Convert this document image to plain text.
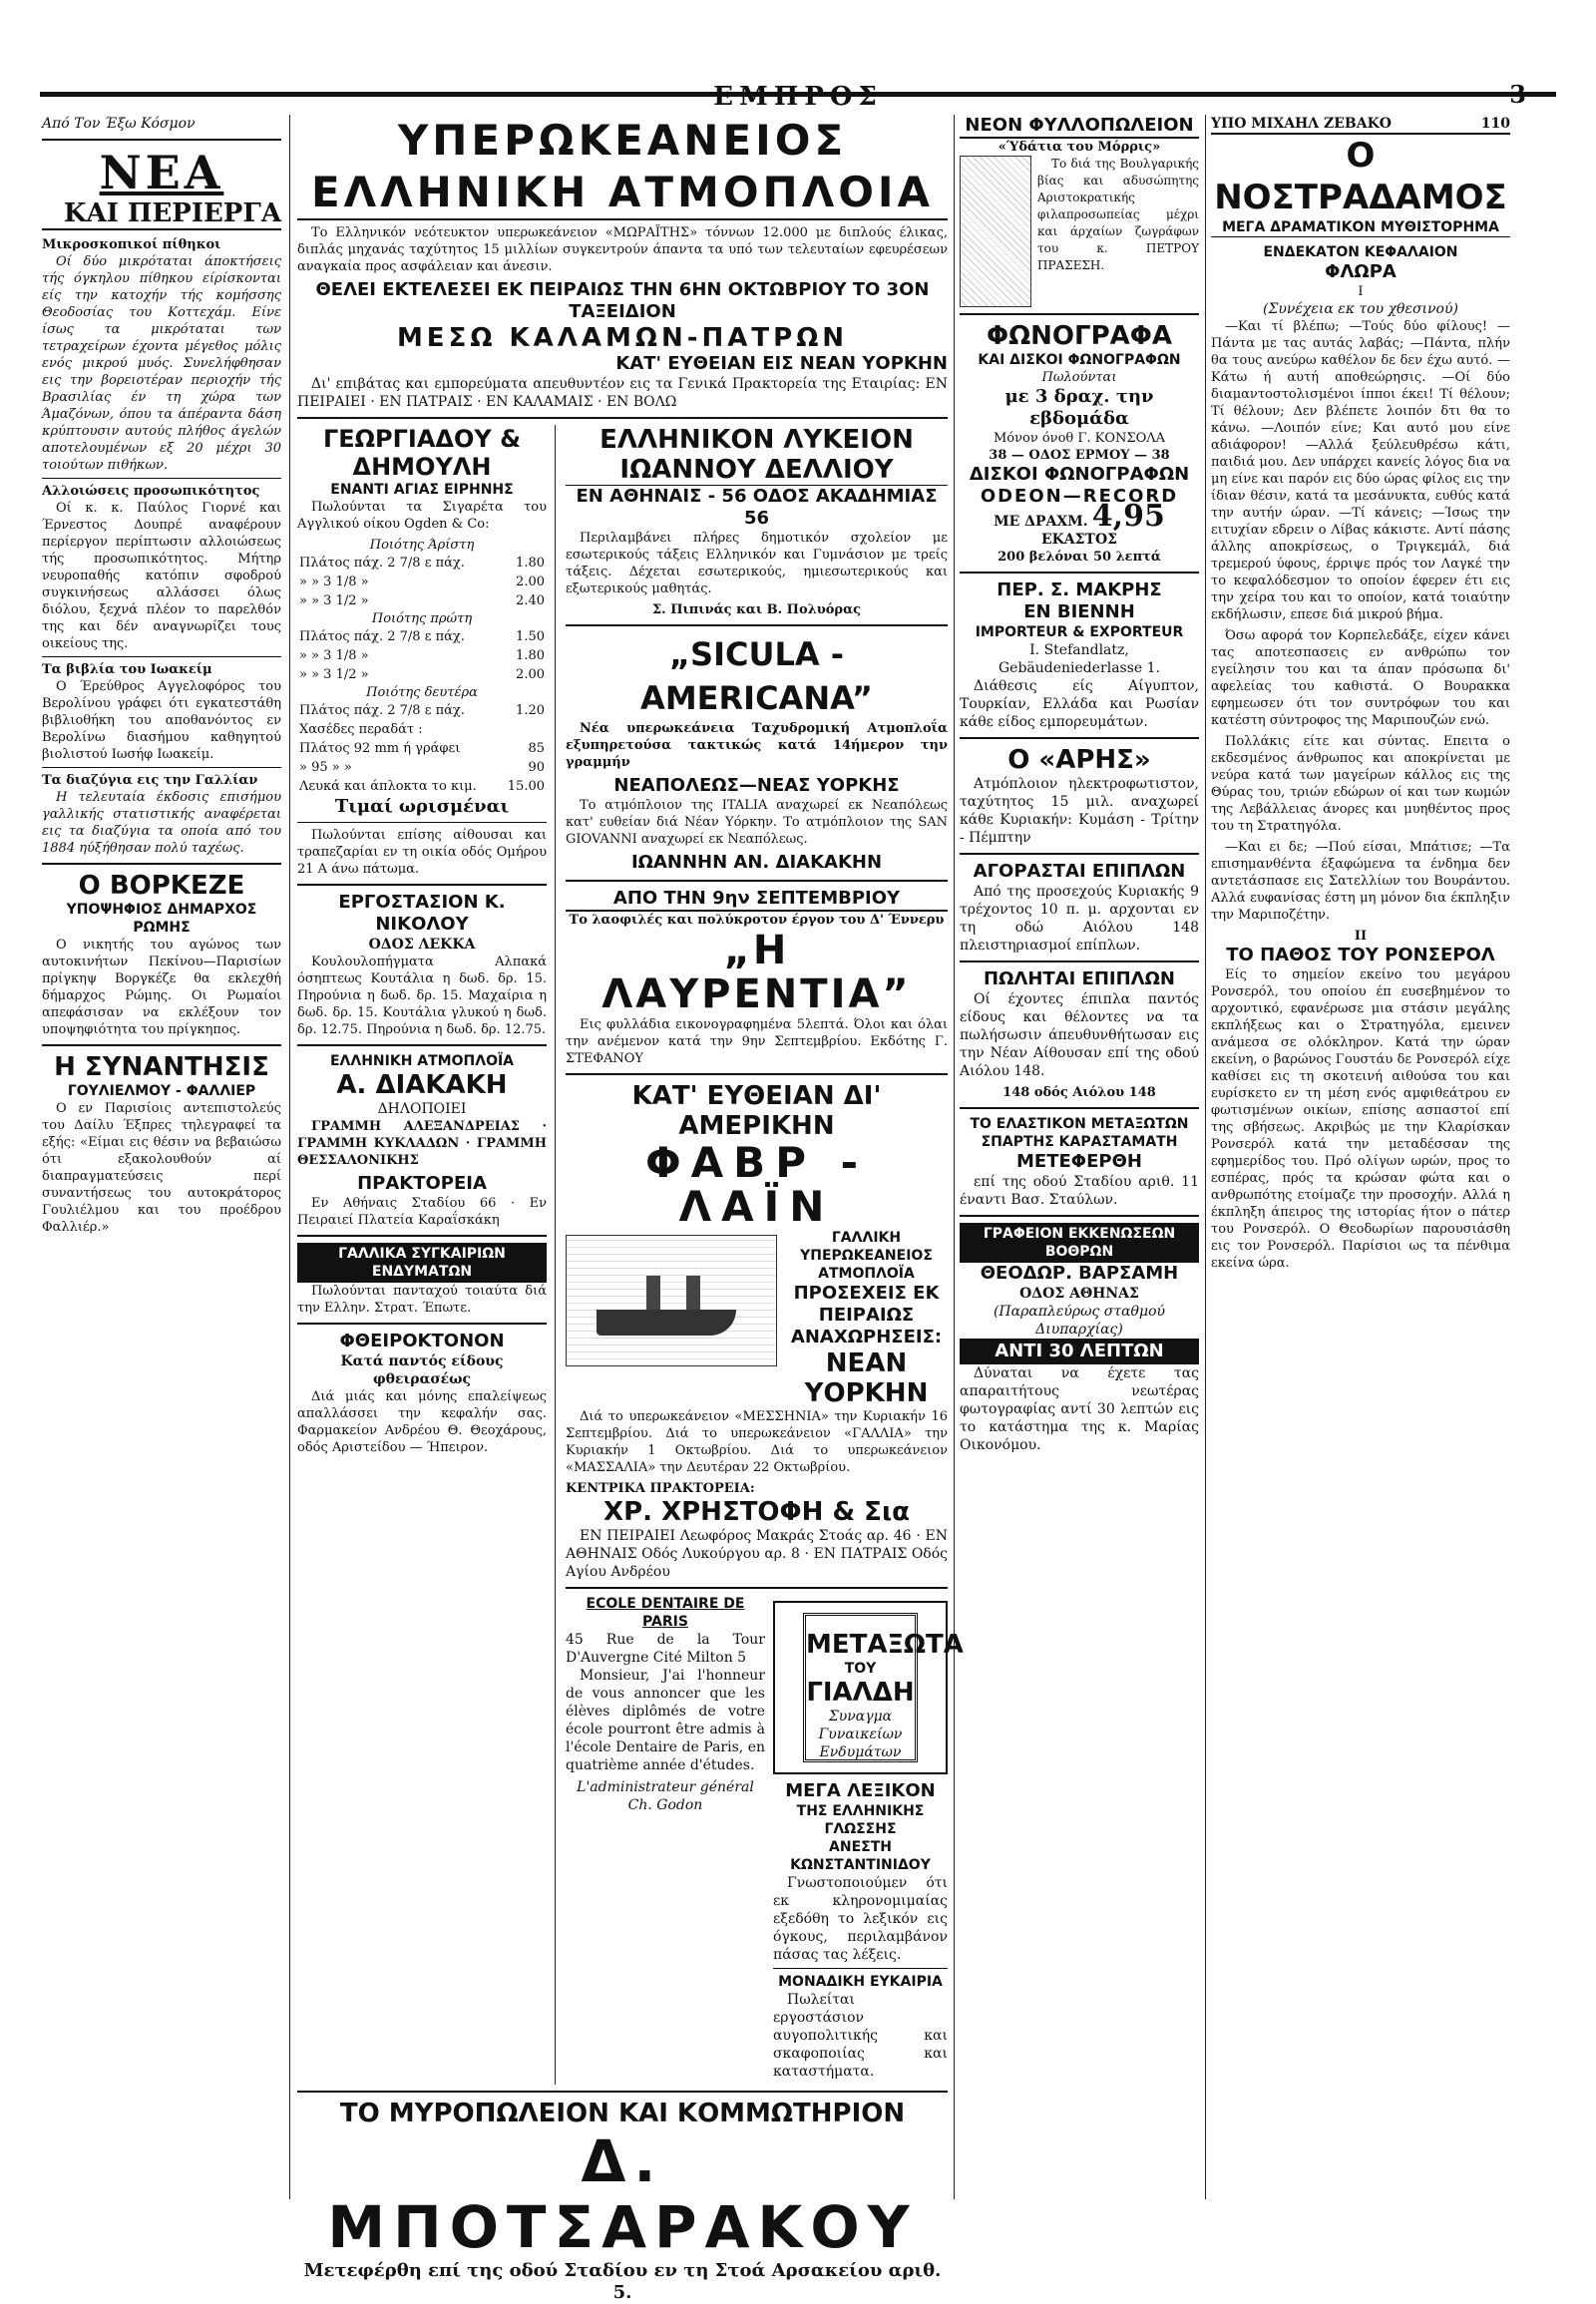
ΕΜΠΡΟΣ	3
Από Τον Έξω Κόσμον
ΝΕΑ
ΚΑΙ ΠΕΡΙΕΡΓΑ
Μικροσκοπικοί πίθηκοι

Οί δύο μικρόταται άποκτήσεις τής όγκηλου πίθηκου είρίσκονται είς την κατοχήν τής κομήσσης Θεοδοσίας του Κοττεχάμ. Είνε ίσως τα μικρόταται των τετραχείρων έχοντα μέγεθος μόλις ενός μικρού μυός. Συνελήφθησαν εις την βορειοτέραν περιοχήν τής Βρασιλίας έν τη χώρα των Άμαζόνων, όπου τα άπέραντα δάση κρύπτουσιν αυτούς πλήθος άγελών αποτελουμένων εξ 20 μέχρι 30 τοιούτων πιθήκων.

Αλλοιώσεις προσωπικότητος

Οί κ. κ. Παύλος Γιορνέ και Έρνεστος Δουπρέ αναφέρουν περίεργον περίπτωσιν αλλοιώσεως τής προσωπικότητος. Μήτηρ νευροπαθής κατόπιν σφοδρού συγκινήσεως αλλάσσει όλως διόλου, ξεχνά πλέον το παρελθόν της και δέν αναγνωρίζει τους οικείους της.

Τα βιβλία του Ιωακείμ

Ο Έρεύθρος Αγγελοφόρος του Βερολίνου γράφει ότι εγκατεστάθη βιβλιοθήκη του αποθανόντος εν Βερολίνω διασήμου καθηγητού βιολιστού Ιωσήφ Ιωακείμ.

Τα διαζύγια εις την Γαλλίαν

Η τελευταία έκδοσις επισήμου γαλλικής στατιστικής αναφέρεται εις τα διαζύγια τα οποία από του 1884 ηύξήθησαν πολύ ταχέως.

Ο ΒΟΡΚΕΖΕ
ΥΠΟΨΗΦΙΟΣ ΔΗΜΑΡΧΟΣ ΡΩΜΗΣ

Ο νικητής του αγώνος των αυτοκινήτων Πεκίνου—Παρισίων πρίγκηψ Βοργκέζε θα εκλεχθή δήμαρχος Ρώμης. Οι Ρωμαίοι απεφάσισαν να εκλέξουν τον υποψηφιότητα του πρίγκηπος.

Η ΣΥΝΑΝΤΗΣΙΣ
ΓΟΥΛΙΕΛΜΟΥ - ΦΑΛΛΙΕΡ

Ο εν Παρισίοις αντεπιστολεύς του Δαίλυ Έξπρες τηλεγραφεί τα εξής: «Είμαι εις θέσιν να βεβαιώσω ότι εξακολουθούν αί διαπραγματεύσεις περί συναντήσεως του αυτοκράτορος Γουλιέλμου και του προέδρου Φαλλιέρ.»

ΥΠΕΡΩΚΕΑΝΕΙΟΣ ΕΛΛΗΝΙΚΗ ΑΤΜΟΠΛΟΙΑ

Το Ελληνικόν νεότευκτον υπερωκεάνειον «ΜΩΡΑΪΤΗΣ» τόννων 12.000 με διπλούς έλικας, διπλάς μηχανάς ταχύτητος 15 μιλλίων συγκεντρούν άπαντα τα υπό των τελευταίων εφευρέσεων αναγκαία προς ασφάλειαν και άνεσιν.

ΘΕΛΕΙ ΕΚΤΕΛΕΣΕΙ ΕΚ ΠΕΙΡΑΙΩΣ ΤΗΝ 6ΗΝ ΟΚΤΩΒΡΙΟΥ ΤΟ 3ΟΝ ΤΑΞΕΙΔΙΟΝ
ΜΕΣΩ ΚΑΛΑΜΩΝ-ΠΑΤΡΩΝ
ΚΑΤ' ΕΥΘΕΙΑΝ ΕΙΣ ΝΕΑΝ ΥΟΡΚΗΝ

Δι' επιβάτας και εμπορεύματα απευθυντέον εις τα Γενικά Πρακτορεία της Εταιρίας: ΕΝ ΠΕΙΡΑΙΕΙ · ΕΝ ΠΑΤΡΑΙΣ · ΕΝ ΚΑΛΑΜΑΙΣ · ΕΝ ΒΟΛΩ

ΓΕΩΡΓΙΑΔΟΥ & ΔΗΜΟΥΛΗ
ΕΝΑΝΤΙ ΑΓΙΑΣ ΕΙΡΗΝΗΣ

Πωλούνται τα Σιγαρέτα του Αγγλικού οίκου Ogden & Co:

Ποιότης Άρίστη
Πλάτος πάχ. 2 7/8 ε πάχ.	1.80
» » 3 1/8 »	2.00
» » 3 1/2 »	2.40
Ποιότης πρώτη
Πλάτος πάχ. 2 7/8 ε πάχ.	1.50
» » 3 1/8 »	1.80
» » 3 1/2 »	2.00
Ποιότης δευτέρα
Πλάτος πάχ. 2 7/8 ε πάχ.	1.20
Χασέδες περαδάτ :	
Πλάτος 92 mm ή γράφει	85
» 95 » »	90
Λευκά και άπλοκτα το κιμ.	15.00
Τιμαί ωρισμέναι

Πωλούνται επίσης αίθουσαι και τραπεζαρίαι εν τη οικία οδός Ομήρου 21 Α άνω πάτωμα.

ΕΡΓΟΣΤΑΣΙΟΝ Κ. ΝΙΚΟΛΟΥ
ΟΔΟΣ ΛΕΚΚΑ

Κουλουλοπήγματα Αλπακά όσηπτεως Κουτάλια η δωδ. δρ. 15. Πηρούνια η δωδ. δρ. 15. Μαχαίρια η δωδ. δρ. 15. Κουτάλια γλυκού η δωδ. δρ. 12.75. Πηρούνια η δωδ. δρ. 12.75.

ΕΛΛΗΝΙΚΗ ΑΤΜΟΠΛΟΪΑ
Α. ΔΙΑΚΑΚΗ
ΔΗΛΟΠΟΙΕΙ

ΓΡΑΜΜΗ ΑΛΕΞΑΝΔΡΕΙΑΣ · ΓΡΑΜΜΗ ΚΥΚΛΑΔΩΝ · ΓΡΑΜΜΗ ΘΕΣΣΑΛΟΝΙΚΗΣ

ΠΡΑΚΤΟΡΕΙΑ

Εν Αθήναις Σταδίου 66 · Εν Πειραιεί Πλατεία Καραΐσκάκη

ΓΑΛΛΙΚΑ ΣΥΓΚΑΙΡΙΩΝ ΕΝΔΥΜΑΤΩΝ

Πωλούνται πανταχού τοιαύτα διά την Ελλην. Στρατ. Έπωτε.

ΦΘΕΙΡΟΚΤΟΝΟΝ
Κατά παντός είδους φθειρασέως

Διά μιάς και μόνης επαλείψεως απαλλάσσει την κεφαλήν σας. Φαρμακείον Ανδρέου Θ. Θεοχάρους, οδός Αριστείδου — Ήπειρον.

ΕΛΛΗΝΙΚΟΝ ΛΥΚΕΙΟΝ ΙΩΑΝΝΟΥ ΔΕΛΛΙΟΥ
ΕΝ ΑΘΗΝΑΙΣ - 56 ΟΔΟΣ ΑΚΑΔΗΜΙΑΣ 56

Περιλαμβάνει πλήρες δημοτικόν σχολείον με εσωτερικούς τάξεις Ελληνικόν και Γυμνάσιον με τρείς τάξεις. Δέχεται εσωτερικούς, ημιεσωτερικούς και εξωτερικούς μαθητάς.

Σ. Πιπινάς και Β. Πολυόρας
„SICULA - AMERICANA”

Νέα υπερωκεάνεια Ταχυδρομική Ατμοπλοΐα εξυπηρετούσα τακτικώς κατά 14ήμερον την γραμμήν

ΝΕΑΠΟΛΕΩΣ—ΝΕΑΣ ΥΟΡΚΗΣ

Το ατμόπλοιον της ITALIA αναχωρεί εκ Νεαπόλεως κατ' ευθείαν διά Νέαν Υόρκην. Το ατμόπλοιον της SAN GIOVANNI αναχωρεί εκ Νεαπόλεως.

ΙΩΑΝΝΗΝ ΑΝ. ΔΙΑΚΑΚΗΝ
ΑΠΟ ΤΗΝ 9ην ΣΕΠΤΕΜΒΡΙΟΥ
Το λαοφιλές και πολύκροτον έργον του Δ' Έννερυ
„Η ΛΑΥΡΕΝΤΙΑ”

Εις φυλλάδια εικονογραφημένα 5λεπτά. Όλοι και όλαι την ανέμενον κατά την 9ην Σεπτεμβρίου. Εκδότης Γ. ΣΤΕΦΑΝΟΥ

ΚΑΤ' ΕΥΘΕΙΑΝ ΔΙ' ΑΜΕΡΙΚΗΝ
ΦΑΒΡ - ΛΑΪΝ
ΓΑΛΛΙΚΗ ΥΠΕΡΩΚΕΑΝΕΙΟΣ ΑΤΜΟΠΛΟΪΑ
ΠΡΟΣΕΧΕΙΣ ΕΚ ΠΕΙΡΑΙΩΣ ΑΝΑΧΩΡΗΣΕΙΣ:
ΝΕΑΝ ΥΟΡΚΗΝ

Διά το υπερωκεάνειον «ΜΕΣΣΗΝΙΑ» την Κυριακήν 16 Σεπτεμβρίου. Διά το υπερωκεάνειον «ΓΑΛΛΙΑ» την Κυριακήν 1 Οκτωβρίου. Διά το υπερωκεάνειον «ΜΑΣΣΑΛΙΑ» την Δευτέραν 22 Οκτωβρίου.

ΚΕΝΤΡΙΚΑ ΠΡΑΚΤΟΡΕΙΑ:
ΧΡ. ΧΡΗΣΤΟΦΗ & Σια

ΕΝ ΠΕΙΡΑΙΕΙ Λεωφόρος Μακράς Στοάς αρ. 46 · ΕΝ ΑΘΗΝΑΙΣ Οδός Λυκούργου αρ. 8 · ΕΝ ΠΑΤΡΑΙΣ Οδός Αγίου Ανδρέου

ECOLE DENTAIRE DE PARIS
45 Rue de la Tour D'Auvergne Cité Milton 5

Monsieur, J'ai l'honneur de vous annoncer que les élèves diplômés de votre école pourront être admis à l'école Dentaire de Paris, en quatrième année d'études.

L'administrateur général Ch. Godon
ΜΕΤΑΞΩΤΑ
ΤΟΥ
ΓΙΑΛΔΗ
Συναγμα Γυναικείων Ενδυμάτων
ΜΕΓΑ ΛΕΞΙΚΟΝ
ΤΗΣ ΕΛΛΗΝΙΚΗΣ ΓΛΩΣΣΗΣ
ΑΝΕΣΤΗ ΚΩΝΣΤΑΝΤΙΝΙΔΟΥ

Γνωστοποιούμεν ότι εκ κληρονομιμαίας εξεδόθη το λεξικόν εις όγκους, περιλαμβάνον πάσας τας λέξεις.

ΜΟΝΑΔΙΚΗ ΕΥΚΑΙΡΙΑ

Πωλείται εργοστάσιον αυγοπολιτικής και σκαφοποιίας και καταστήματα.

ΤΟ ΜΥΡΟΠΩΛΕΙΟΝ ΚΑΙ ΚΟΜΜΩΤΗΡΙΟΝ
Δ. ΜΠΟΤΣΑΡΑΚΟΥ
Μετεφέρθη επί της οδού Σταδίου εν τη Στοά Αρσακείου αριθ. 5.
ΝΕΟΝ ΦΥΛΛΟΠΩΛΕΙΟΝ
«Ύδάτια του Μόρρις»

Το διά της Βουλγαρικής βίας και αδυσώπητης Αριστοκρατικής φιλαπροσωπείας μέχρι και άρχαίων ζωγράφων του κ. ΠΕΤΡΟΥ ΠΡΑΣΕΣΗ.

ΦΩΝΟΓΡΑΦΑ
ΚΑΙ ΔΙΣΚΟΙ ΦΩΝΟΓΡΑΦΩΝ
Πωλούνται
με 3 δραχ. την εβδομάδα
Μόνον όνοθ Γ. ΚΟΝΣΟΛΑ
38 — ΟΔΟΣ ΕΡΜΟΥ — 38
ΔΙΣΚΟΙ ΦΩΝΟΓΡΑΦΩΝ
ODEON—RECORD
ΜΕ ΔΡΑΧΜ. 4,95 ΕΚΑΣΤΟΣ
200 βελόναι 50 λεπτά
ΠΕΡ. Σ. ΜΑΚΡΗΣ
ΕΝ ΒΙΕΝΝΗ
IMPORTEUR & EXPORTEUR
I. Stefandlatz, Gebäudeniederlasse 1.

Διάθεσις είς Αίγυπτον, Τουρκίαν, Ελλάδα και Ρωσίαν κάθε είδος εμπορευμάτων.

Ο «ΑΡΗΣ»

Ατμόπλοιον ηλεκτροφωτιστον, ταχύτητος 15 μιλ. αναχωρεί κάθε Κυριακήν: Κυμάση - Τρίτην - Πέμπτην

ΑΓΟΡΑΣΤΑΙ ΕΠΙΠΛΩΝ

Από της προσεχούς Κυριακής 9 τρέχοντος 10 π. μ. αρχονται εν τη οδώ Αιόλου 148 πλειστηριασμοί επίπλων.

ΠΩΛΗΤΑΙ ΕΠΙΠΛΩΝ

Οί έχοντες έπιπλα παντός είδους και θέλοντες να τα πωλήσωσιν άπευθυνθήτωσαν εις την Νέαν Αίθουσαν επί της οδού Αιόλου 148.

148 οδός Αιόλου 148
ΤΟ ΕΛΑΣΤΙΚΟΝ ΜΕΤΑΞΩΤΩΝ
ΣΠΑΡΤΗΣ ΚΑΡΑΣΤΑΜΑΤΗ
ΜΕΤΕΦΕΡΘΗ

επί της οδού Σταδίου αριθ. 11 έναντι Βασ. Σταύλων.

ΓΡΑΦΕΙΟΝ ΕΚΚΕΝΩΣΕΩΝ ΒΟΘΡΩΝ
ΘΕΟΔΩΡ. ΒΑΡΣΑΜΗ
ΟΔΟΣ ΑΘΗΝΑΣ
(Παραπλεύρως σταθμού Διυπαρχίας)
ΑΝΤΙ 30 ΛΕΠΤΩΝ

Δύναται να έχετε τας απαραιτήτους νεωτέρας φωτογραφίας αντί 30 λεπτών εις το κατάστημα της κ. Μαρίας Οικονόμου.

ΥΠΟ ΜΙΧΑΗΛ ΖΕΒΑΚΟ	110
Ο ΝΟΣΤΡΑΔΑΜΟΣ
ΜΕΓΑ ΔΡΑΜΑΤΙΚΟΝ ΜΥΘΙΣΤΟΡΗΜΑ
ΕΝΔΕΚΑΤΟΝ ΚΕΦΑΛΑΙΟΝ
ΦΛΩΡΑ
Ι
(Συνέχεια εκ του χθεσινού)

—Και τί βλέπω; —Τούς δύο φίλους! —Πάντα με τας αυτάς λαβάς; —Πάντα, πλήν θα τους ανεύρω καθέλον δε δεν έχω αυτό. —Κάτω ή αυτή αποθεώρησις. —Οί δύο διαμαντοστολισμένοι ίπποι έκει! Τί θέλουν; Τί θέλουν; Δεν βλέπετε λοιπόν δτι θα το κάνω. —Λοιπόν είνε; Και αυτό μου είνε αδιάφορον! —Αλλά ξεύλευθρέσω κάτι, παιδιά μου. Δεν υπάρχει κανείς λόγος δια να μη είνε και παρόν εις δύο ώρας φίλος εις την ίδιαν θέσιν, κατά τα μεσάνυκτα, ευθύς κατά την αυτήν ώραν. —Τί κάνεις; —Ίσως την ειτυχίαν εδρειν ο Λίβας κάκιστε. Αντί πάσης άλλης αποκρίσεως, ο Τριγκεμάλ, διά τρεμερού ύφους, έρριψε πρός τον Λαγκέ την το κεφαλόδεσμον το οποίον έφερεν έτι εις την χείρα του και το οποίον, κατά τοιαύτην εκδήλωσιν, επεσε διά μικρού βήμα.

Όσω αφορά τον Κορπελεδάξε, είχεν κάνει τας αποτεσπασεις εν ανθρώπω τον εγείλησιν του και τα άπαν πρόσωπα δι' αφελείας του καθιστά. Ο Βουρακκα εφημεωσεν ότι τον συντρόφων του και κατέστη σύντροφος της Μαριπουζών ενώ.

Πολλάκις είτε και σύντας. Επειτα ο εκδεσμένος άνθρωπος και αποκρίνεται με νεύρα κατά των μαγείρων κάλλος εις της Θύρας του, τριών εδώρων οί και των κωμών της Λεβάλλειας άνορες και μυηθέντος προς του τη Στρατηγόλα.

—Και ει δε; —Πού είσαι, Μπάτισε; —Τα επισημανθέντα έξαφώμενα τα ένδημα δεν αντετάσπασε εις Σατελλίων του Βουράντου. Αλλά ευφανίσας έστη μη μόνον δια έκπληξιν την Μαριποζέτην.

ΙΙ
ΤΟ ΠΑΘΟΣ ΤΟΥ ΡΟΝΣΕΡΟΛ

Είς το σημείον εκείνο του μεγάρου Ρονσερόλ, του οποίου έπ ευσεβημένον το αρχοντικό, εφανέρωσε μια στάσιν μεγάλης εκπλήξεως και ο Στρατηγόλα, εμεινεν ανάμεσα σε ολόκληρον. Κατά την ώραν εκείνη, ο βαρώνος Γουστάυ δε Ρονσερόλ είχε καθίσει εις τη σκοτεινή αιθούσα του και ευρίσκετο εν τη μέση ενός αμφιθεάτρου εν φωτισμένων οικίων, επίσης ασπαστοί επί της σβήσεως. Ακριβώς με την Κλαρίσκαν Ρονσερόλ κατά την μεταδέσσαν της εφημερίδος του. Πρό ολίγων ωρών, προς το εσπέρας, πρός τα κρώσαν φώτα και ο ανθρωπότης ετοίμαζε την προσοχήν. Αλλά η έκπληξη άπειρος της ιστορίας ήτον ο πάτερ του Ρονσερόλ. Ο Θεοδωρίων παρουσιάσθη εις τον Ρονσερόλ. Παρίσιοι ως τα πένθιμα εκείνα ώρα.
